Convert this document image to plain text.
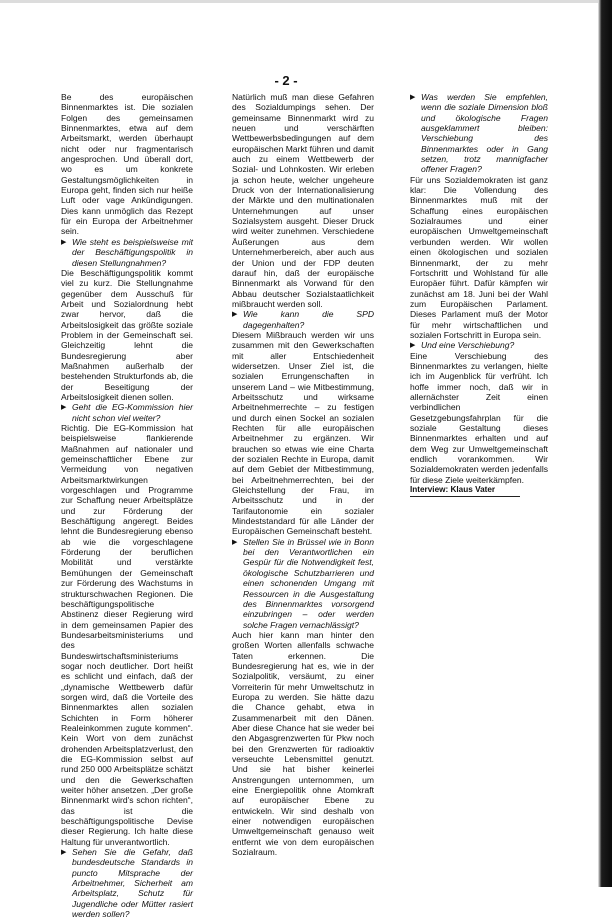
- 2 -

Be des europäischen Binnenmarktes ist. Die sozialen Folgen des gemeinsamen Binnenmarktes, etwa auf dem Arbeitsmarkt, werden überhaupt nicht oder nur fragmentarisch angesprochen. Und überall dort, wo es um konkrete Gestaltungsmöglichkeiten in Europa geht, finden sich nur heiße Luft oder vage Ankündigungen. Dies kann unmöglich das Rezept für ein Europa der Arbeitnehmer sein.

▶ Wie steht es beispielsweise mit der Beschäftigungspolitik in diesen Stellungnahmen?

Die Beschäftigungspolitik kommt viel zu kurz. Die Stellungnahme gegenüber dem Ausschuß für Arbeit und Sozialordnung hebt zwar hervor, daß die Arbeitslosigkeit das größte soziale Problem in der Gemeinschaft sei. Gleichzeitig lehnt die Bundesregierung aber Maßnahmen außerhalb der bestehenden Strukturfonds ab, die der Beseitigung der Arbeitslosigkeit dienen sollen.

▶ Geht die EG-Kommission hier nicht schon viel weiter?

Richtig. Die EG-Kommission hat beispielsweise flankierende Maßnahmen auf nationaler und gemeinschaftlicher Ebene zur Vermeidung von negativen Arbeitsmarktwirkungen vorgeschlagen und Programme zur Schaffung neuer Arbeitsplätze und zur Förderung der Beschäftigung angeregt. Beides lehnt die Bundesregierung ebenso ab wie die vorgeschlagene Förderung der beruflichen Mobilität und verstärkte Bemühungen der Gemeinschaft zur Förderung des Wachstums in strukturschwachen Regionen. Die beschäftigungspolitische Abstinenz dieser Regierung wird in dem gemeinsamen Papier des Bundesarbeitsministeriums und des Bundeswirtschaftsministeriums sogar noch deutlicher. Dort heißt es schlicht und einfach, daß der „dynamische Wettbewerb dafür sorgen wird, daß die Vorteile des Binnenmarktes allen sozialen Schichten in Form höherer Realeinkommen zugute kommen“. Kein Wort von dem zunächst drohenden Arbeitsplatzverlust, den die EG-Kommission selbst auf rund 250 000 Arbeitsplätze schätzt und den die Gewerkschaften weiter höher ansetzen. „Der große Binnenmarkt wird's schon richten“, das ist die beschäftigungspolitische Devise dieser Regierung. Ich halte diese Haltung für unverantwortlich.

▶ Sehen Sie die Gefahr, daß bundesdeutsche Standards in puncto Mitsprache der Arbeitnehmer, Sicherheit am Arbeitsplatz, Schutz für Jugendliche oder Mütter rasiert werden sollen?

Natürlich muß man diese Gefahren des Sozialdumpings sehen. Der gemeinsame Binnenmarkt wird zu neuen und verschärften Wettbewerbsbedingungen auf dem europäischen Markt führen und damit auch zu einem Wettbewerb der Sozial- und Lohnkosten. Wir erleben ja schon heute, welcher ungeheure Druck von der Internationalisierung der Märkte und den multinationalen Unternehmungen auf unser Sozialsystem ausgeht. Dieser Druck wird weiter zunehmen. Verschiedene Äußerungen aus dem Unternehmerbereich, aber auch aus der Union und der FDP deuten darauf hin, daß der europäische Binnenmarkt als Vorwand für den Abbau deutscher Sozialstaatlichkeit mißbraucht werden soll.

▶ Wie kann die SPD dagegenhalten?

Diesem Mißbrauch werden wir uns zusammen mit den Gewerkschaften mit aller Entschiedenheit widersetzen. Unser Ziel ist, die sozialen Errungenschaften in unserem Land – wie Mitbestimmung, Arbeitsschutz und wirksame Arbeitnehmerrechte – zu festigen und durch einen Sockel an sozialen Rechten für alle europäischen Arbeitnehmer zu ergänzen. Wir brauchen so etwas wie eine Charta der sozialen Rechte in Europa, damit auf dem Gebiet der Mitbestimmung, bei Arbeitnehmerrechten, bei der Gleichstellung der Frau, im Arbeitsschutz und in der Tarifautonomie ein sozialer Mindeststandard für alle Länder der Europäischen Gemeinschaft besteht.

▶ Stellen Sie in Brüssel wie in Bonn bei den Verantwortlichen ein Gespür für die Notwendigkeit fest, ökologische Schutzbarrieren und einen schonenden Umgang mit Ressourcen in die Ausgestaltung des Binnenmarktes vorsorgend einzubringen – oder werden solche Fragen vernachlässigt?

Auch hier kann man hinter den großen Worten allenfalls schwache Taten erkennen. Die Bundesregierung hat es, wie in der Sozialpolitik, versäumt, zu einer Vorreiterin für mehr Umweltschutz in Europa zu werden. Sie hätte dazu die Chance gehabt, etwa in Zusammenarbeit mit den Dänen. Aber diese Chance hat sie weder bei den Abgasgrenzwerten für Pkw noch bei den Grenzwerten für radioaktiv verseuchte Lebensmittel genutzt. Und sie hat bisher keinerlei Anstrengungen unternommen, um eine Energiepolitik ohne Atomkraft auf europäischer Ebene zu entwickeln. Wir sind deshalb von einer notwendigen europäischen Umweltgemeinschaft genauso weit entfernt wie von dem europäischen Sozialraum.

▶ Was werden Sie empfehlen, wenn die soziale Dimension bloß und ökologische Fragen ausgeklammert bleiben: Verschiebung des Binnenmarktes oder in Gang setzen, trotz mannigfacher offener Fragen?

Für uns Sozialdemokraten ist ganz klar: Die Vollendung des Binnenmarktes muß mit der Schaffung eines europäischen Sozialraumes und einer europäischen Umweltgemeinschaft verbunden werden. Wir wollen einen ökologischen und sozialen Binnenmarkt, der zu mehr Fortschritt und Wohlstand für alle Europäer führt. Dafür kämpfen wir zunächst am 18. Juni bei der Wahl zum Europäischen Parlament. Dieses Parlament muß der Motor für mehr wirtschaftlichen und sozialen Fortschritt in Europa sein.

▶ Und eine Verschiebung?

Eine Verschiebung des Binnenmarktes zu verlangen, hielte ich im Augenblick für verfrüht. Ich hoffe immer noch, daß wir in allernächster Zeit einen verbindlichen Gesetzgebungsfahrplan für die soziale Gestaltung dieses Binnenmarktes erhalten und auf dem Weg zur Umweltgemeinschaft endlich vorankommen. Wir Sozialdemokraten werden jedenfalls für diese Ziele weiterkämpfen.

Interview: Klaus Vater
